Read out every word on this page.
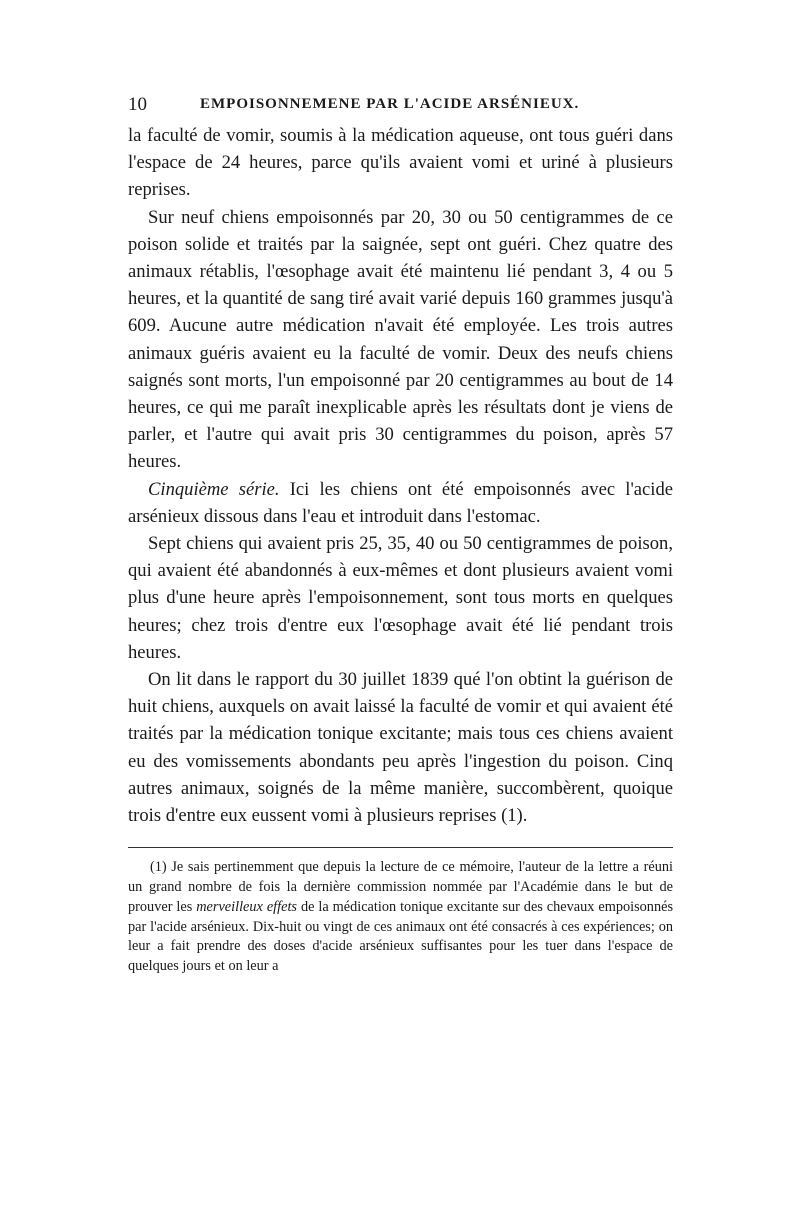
10	EMPOISONNEMENE PAR L'ACIDE ARSÉNIEUX.

la faculté de vomir, soumis à la médication aqueuse, ont tous guéri dans l'espace de 24 heures, parce qu'ils avaient vomi et uriné à plusieurs reprises.

Sur neuf chiens empoisonnés par 20, 30 ou 50 centigrammes de ce poison solide et traités par la saignée, sept ont guéri. Chez quatre des animaux rétablis, l'œsophage avait été maintenu lié pendant 3, 4 ou 5 heures, et la quantité de sang tiré avait varié depuis 160 grammes jusqu'à 609. Aucune autre médication n'avait été employée. Les trois autres animaux guéris avaient eu la faculté de vomir. Deux des neufs chiens saignés sont morts, l'un empoisonné par 20 centigrammes au bout de 14 heures, ce qui me paraît inexplicable après les résultats dont je viens de parler, et l'autre qui avait pris 30 centigrammes du poison, après 57 heures.

Cinquième série. Ici les chiens ont été empoisonnés avec l'acide arsénieux dissous dans l'eau et introduit dans l'estomac.

Sept chiens qui avaient pris 25, 35, 40 ou 50 centigrammes de poison, qui avaient été abandonnés à eux-mêmes et dont plusieurs avaient vomi plus d'une heure après l'empoisonnement, sont tous morts en quelques heures; chez trois d'entre eux l'œsophage avait été lié pendant trois heures.

On lit dans le rapport du 30 juillet 1839 qué l'on obtint la guérison de huit chiens, auxquels on avait laissé la faculté de vomir et qui avaient été traités par la médication tonique excitante; mais tous ces chiens avaient eu des vomissements abondants peu après l'ingestion du poison. Cinq autres animaux, soignés de la même manière, succombèrent, quoique trois d'entre eux eussent vomi à plusieurs reprises (1).

(1) Je sais pertinemment que depuis la lecture de ce mémoire, l'auteur de la lettre a réuni un grand nombre de fois la dernière commission nommée par l'Académie dans le but de prouver les merveilleux effets de la médication tonique excitante sur des chevaux empoisonnés par l'acide arsénieux. Dix-huit ou vingt de ces animaux ont été consacrés à ces expériences; on leur a fait prendre des doses d'acide arsénieux suffisantes pour les tuer dans l'espace de quelques jours et on leur a
